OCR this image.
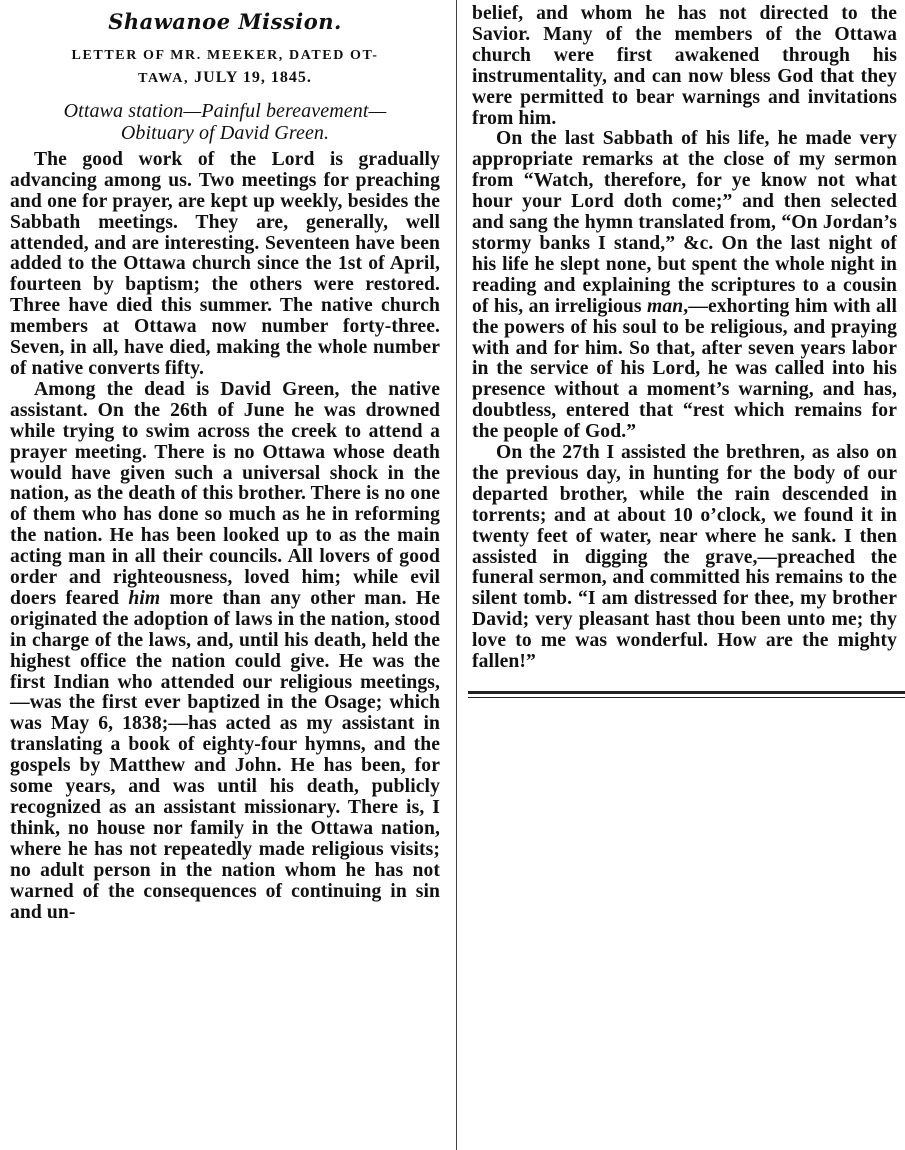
Shawanoe Mission.
LETTER OF MR. MEEKER, DATED OT-
TAWA, JULY 19, 1845.
Ottawa station—Painful bereavement—
Obituary of David Green.

The good work of the Lord is gradually advancing among us. Two meetings for preaching and one for prayer, are kept up weekly, besides the Sabbath meetings. They are, generally, well attended, and are interesting. Seventeen have been added to the Ottawa church since the 1st of April, fourteen by baptism; the others were restored. Three have died this summer. The native church members at Ottawa now number forty-three. Seven, in all, have died, making the whole number of native converts fifty.

Among the dead is David Green, the native assistant. On the 26th of June he was drowned while trying to swim across the creek to attend a prayer meeting. There is no Ottawa whose death would have given such a universal shock in the nation, as the death of this brother. There is no one of them who has done so much as he in reforming the nation. He has been looked up to as the main acting man in all their councils. All lovers of good order and righteousness, loved him; while evil doers feared him more than any other man. He originated the adoption of laws in the nation, stood in charge of the laws, and, until his death, held the highest office the nation could give. He was the first Indian who attended our religious meetings,—was the first ever baptized in the Osage; which was May 6, 1838;—has acted as my assistant in translating a book of eighty-four hymns, and the gospels by Matthew and John. He has been, for some years, and was until his death, publicly recognized as an assistant missionary. There is, I think, no house nor family in the Ottawa nation, where he has not repeatedly made religious visits; no adult person in the nation whom he has not warned of the consequences of continuing in sin and un-

belief, and whom he has not directed to the Savior. Many of the members of the Ottawa church were first awakened through his instrumentality, and can now bless God that they were permitted to bear warnings and invitations from him.

On the last Sabbath of his life, he made very appropriate remarks at the close of my sermon from “Watch, therefore, for ye know not what hour your Lord doth come;” and then selected and sang the hymn translated from, “On Jordan’s stormy banks I stand,” &c. On the last night of his life he slept none, but spent the whole night in reading and explaining the scriptures to a cousin of his, an irreligious man,—exhorting him with all the powers of his soul to be religious, and praying with and for him. So that, after seven years labor in the service of his Lord, he was called into his presence without a moment’s warning, and has, doubtless, entered that “rest which remains for the people of God.”

On the 27th I assisted the brethren, as also on the previous day, in hunting for the body of our departed brother, while the rain descended in torrents; and at about 10 o’clock, we found it in twenty feet of water, near where he sank. I then assisted in digging the grave,—preached the funeral sermon, and committed his remains to the silent tomb. “I am distressed for thee, my brother David; very pleasant hast thou been unto me; thy love to me was wonderful. How are the mighty fallen!”
